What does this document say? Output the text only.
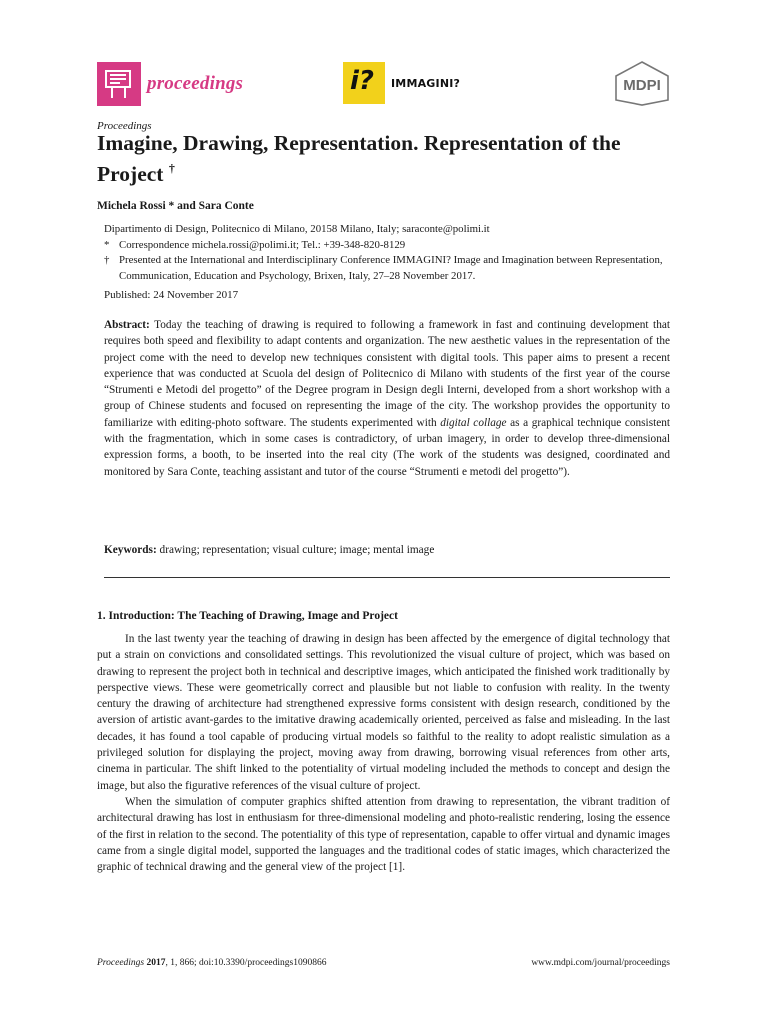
proceedings	i? IMMAGINI?	MDPI
Proceedings
Imagine, Drawing, Representation. Representation of the Project †
Michela Rossi * and Sara Conte
Dipartimento di Design, Politecnico di Milano, 20158 Milano, Italy; saraconte@polimi.it
* Correspondence michela.rossi@polimi.it; Tel.: +39-348-820-8129
† Presented at the International and Interdisciplinary Conference IMMAGINI? Image and Imagination between Representation, Communication, Education and Psychology, Brixen, Italy, 27–28 November 2017.
Published: 24 November 2017

Abstract: Today the teaching of drawing is required to following a framework in fast and continuing development that requires both speed and flexibility to adapt contents and organization. The new aesthetic values in the representation of the project come with the need to develop new techniques consistent with digital tools. This paper aims to present a recent experience that was conducted at Scuola del design of Politecnico di Milano with students of the first year of the course “Strumenti e Metodi del progetto” of the Degree program in Design degli Interni, developed from a short workshop with a group of Chinese students and focused on representing the image of the city. The workshop provides the opportunity to familiarize with editing-photo software. The students experimented with digital collage as a graphical technique consistent with the fragmentation, which in some cases is contradictory, of urban imagery, in order to develop three-dimensional expression forms, a booth, to be inserted into the real city (The work of the students was designed, coordinated and monitored by Sara Conte, teaching assistant and tutor of the course “Strumenti e metodi del progetto”).

Keywords: drawing; representation; visual culture; image; mental image

1. Introduction: The Teaching of Drawing, Image and Project

In the last twenty year the teaching of drawing in design has been affected by the emergence of digital technology that put a strain on convictions and consolidated settings. This revolutionized the visual culture of project, which was based on drawing to represent the project both in technical and descriptive images, which anticipated the finished work traditionally by perspective views. These were geometrically correct and plausible but not liable to confusion with reality. In the twenty century the drawing of architecture had strengthened expressive forms consistent with design research, conditioned by the aversion of artistic avant-gardes to the imitative drawing academically oriented, perceived as false and misleading. In the last decades, it has found a tool capable of producing virtual models so faithful to the reality to adopt realistic simulation as a privileged solution for displaying the project, moving away from drawing, borrowing visual references from other arts, cinema in particular. The shift linked to the potentiality of virtual modeling included the methods to concept and design the image, but also the figurative references of the visual culture of project.

When the simulation of computer graphics shifted attention from drawing to representation, the vibrant tradition of architectural drawing has lost in enthusiasm for three-dimensional modeling and photo-realistic rendering, losing the essence of the first in relation to the second. The potentiality of this type of representation, capable to offer virtual and dynamic images came from a single digital model, supported the languages and the traditional codes of static images, which characterized the graphic of technical drawing and the general view of the project [1].

Proceedings 2017, 1, 866; doi:10.3390/proceedings1090866	www.mdpi.com/journal/proceedings
